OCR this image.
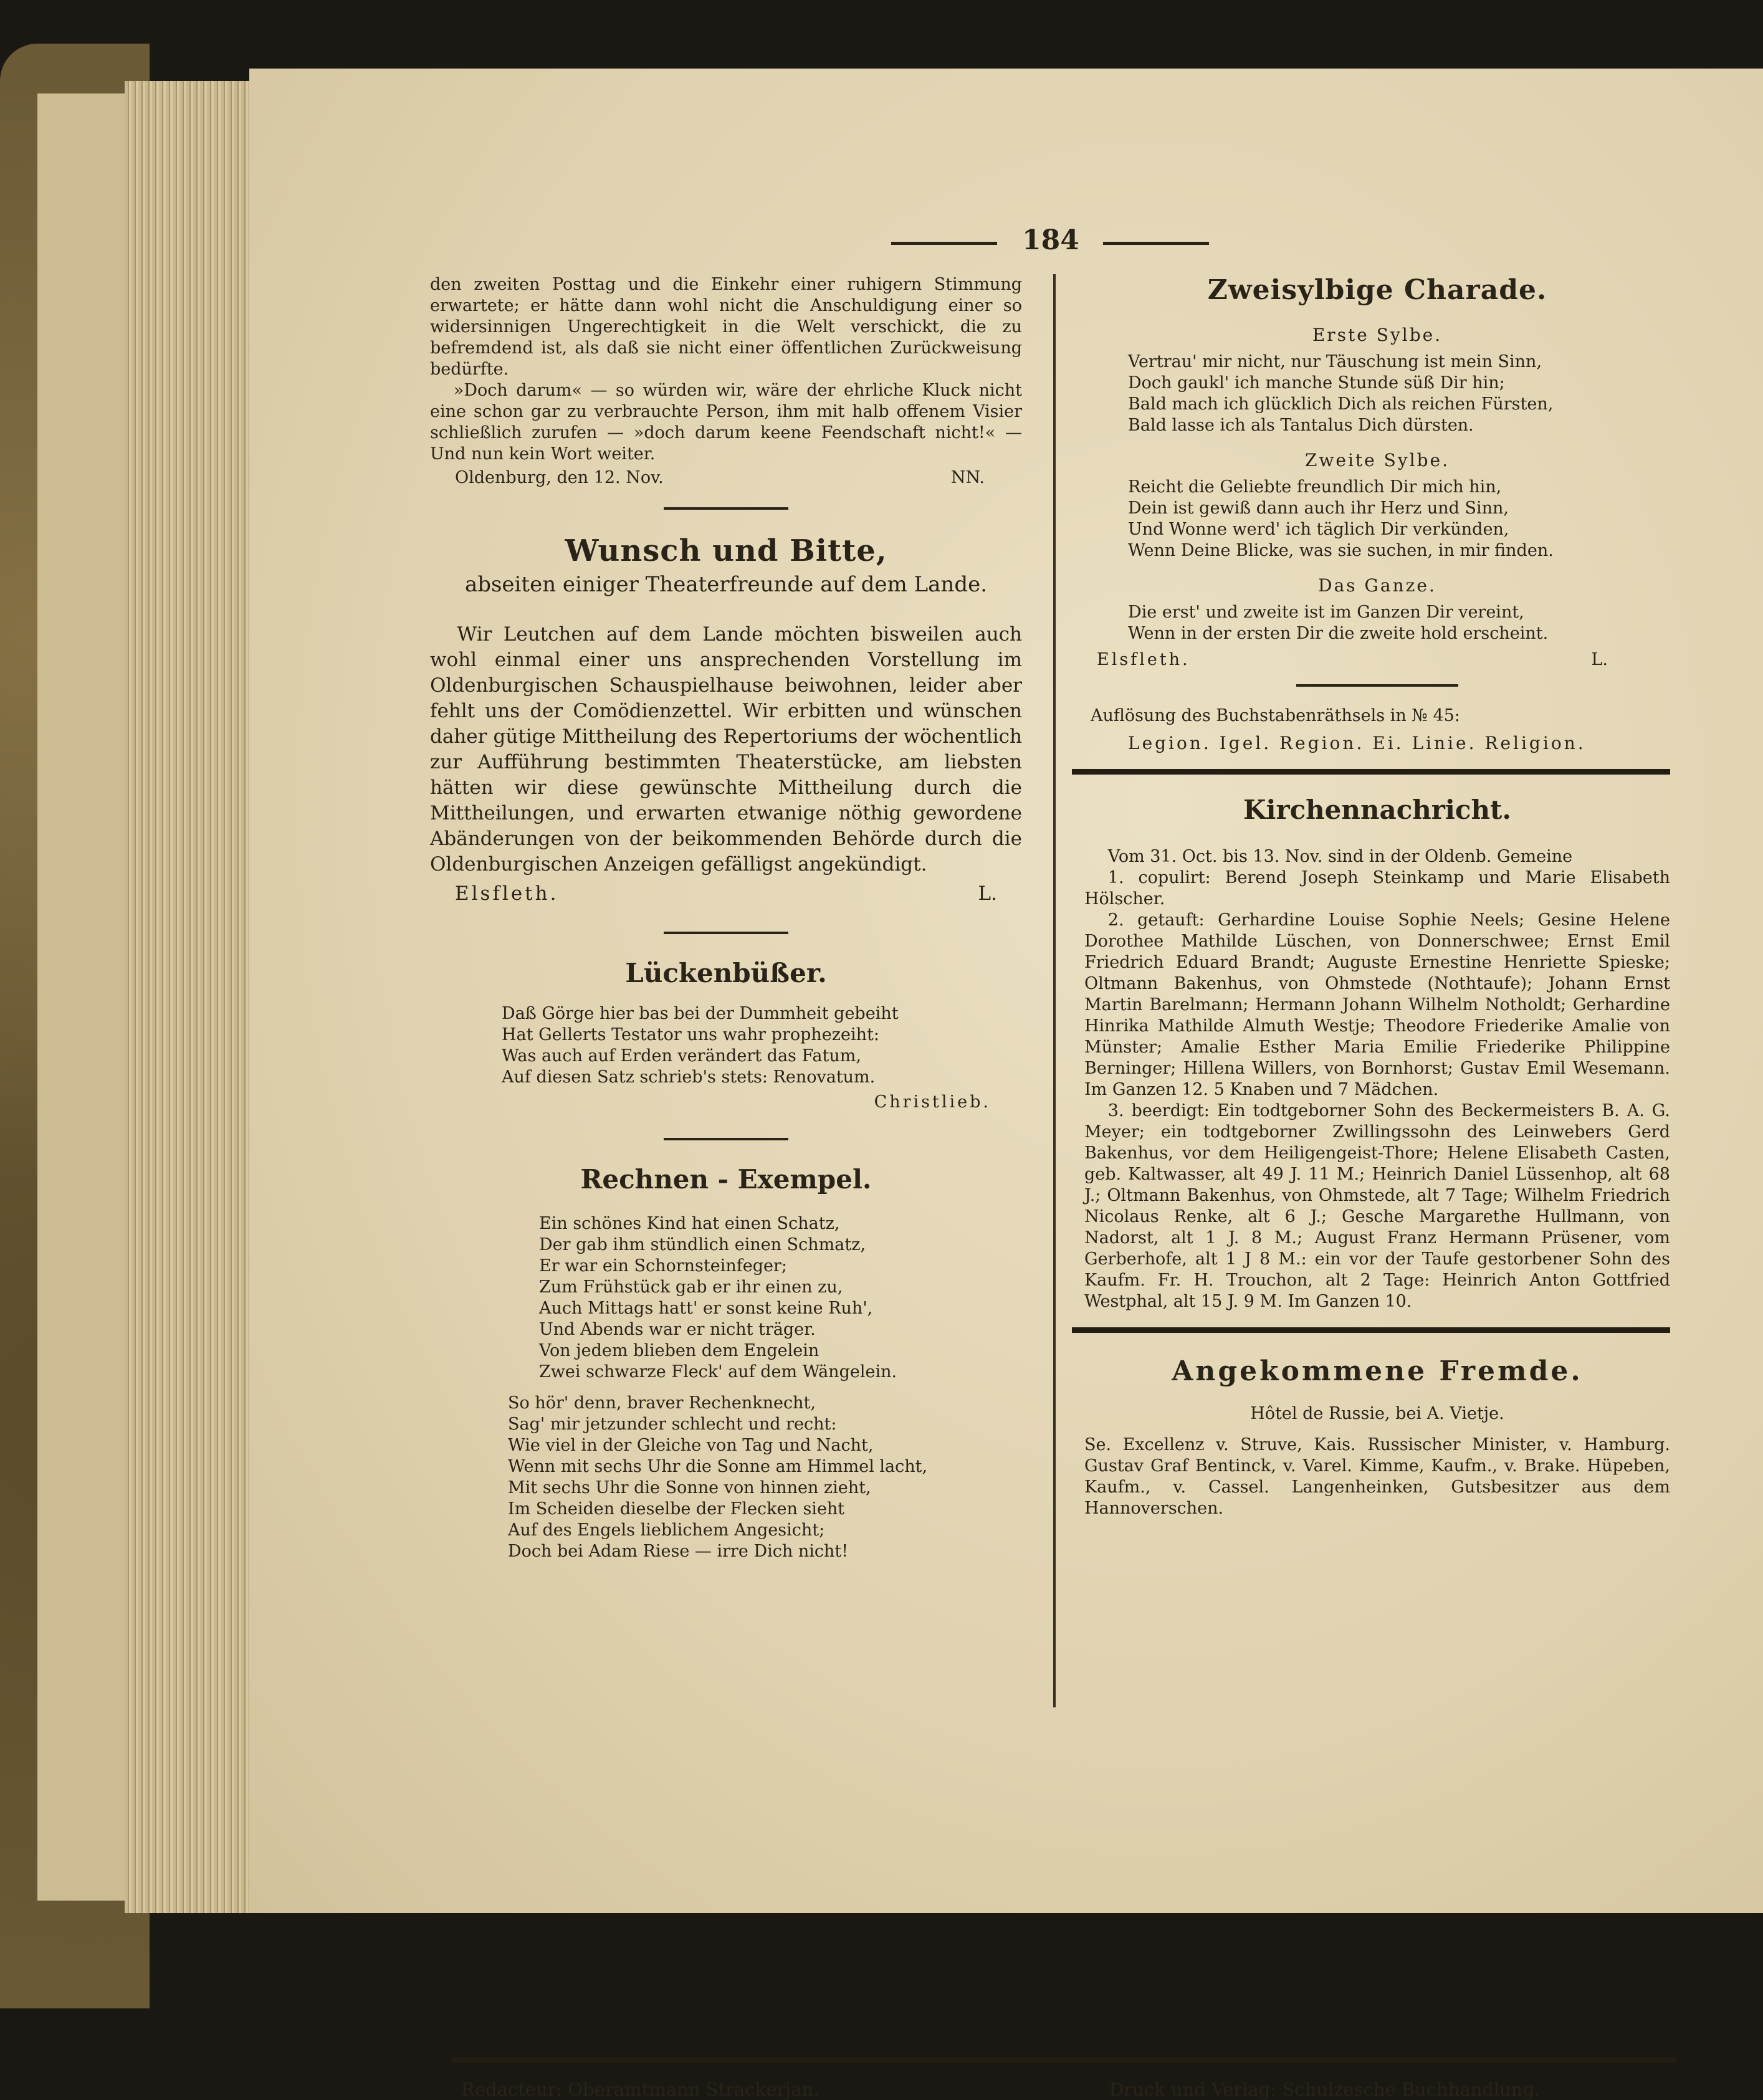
184

den zweiten Posttag und die Einkehr einer ruhigern Stimmung erwartete; er hätte dann wohl nicht die Anschuldigung einer so widersinnigen Ungerechtigkeit in die Welt verschickt, die zu befremdend ist, als daß sie nicht einer öffentlichen Zurückweisung bedürfte.

»Doch darum« — so würden wir, wäre der ehrliche Kluck nicht eine schon gar zu verbrauchte Person, ihm mit halb offenem Visier schließlich zurufen — »doch darum keene Feendschaft nicht!« — Und nun kein Wort weiter.

Oldenburg, den 12. Nov.	NN.
Wunsch und Bitte,
abseiten einiger Theaterfreunde auf dem Lande.

Wir Leutchen auf dem Lande möchten bisweilen auch wohl einmal einer uns ansprechenden Vorstellung im Oldenburgischen Schauspielhause beiwohnen, leider aber fehlt uns der Comödienzettel. Wir erbitten und wünschen daher gütige Mittheilung des Repertoriums der wöchentlich zur Aufführung bestimmten Theaterstücke, am liebsten hätten wir diese gewünschte Mittheilung durch die Mittheilungen, und erwarten etwanige nöthig gewordene Abänderungen von der beikommenden Behörde durch die Oldenburgischen Anzeigen gefälligst angekündigt.

Elsfleth.	L.
Lückenbüßer.

Daß Görge hier bas bei der Dummheit gebeiht

Hat Gellerts Testator uns wahr prophezeiht:

Was auch auf Erden verändert das Fatum,

Auf diesen Satz schrieb's stets: Renovatum.

Christlieb.
Rechnen - Exempel.

Ein schönes Kind hat einen Schatz,

Der gab ihm stündlich einen Schmatz,

Er war ein Schornsteinfeger;

Zum Frühstück gab er ihr einen zu,

Auch Mittags hatt' er sonst keine Ruh',

Und Abends war er nicht träger.

Von jedem blieben dem Engelein

Zwei schwarze Fleck' auf dem Wängelein.

So hör' denn, braver Rechenknecht,

Sag' mir jetzunder schlecht und recht:

Wie viel in der Gleiche von Tag und Nacht,

Wenn mit sechs Uhr die Sonne am Himmel lacht,

Mit sechs Uhr die Sonne von hinnen zieht,

Im Scheiden dieselbe der Flecken sieht

Auf des Engels lieblichem Angesicht;

Doch bei Adam Riese — irre Dich nicht!

Zweisylbige Charade.
Erste Sylbe.

Vertrau' mir nicht, nur Täuschung ist mein Sinn,

Doch gaukl' ich manche Stunde süß Dir hin;

Bald mach ich glücklich Dich als reichen Fürsten,

Bald lasse ich als Tantalus Dich dürsten.

Zweite Sylbe.

Reicht die Geliebte freundlich Dir mich hin,

Dein ist gewiß dann auch ihr Herz und Sinn,

Und Wonne werd' ich täglich Dir verkünden,

Wenn Deine Blicke, was sie suchen, in mir finden.

Das Ganze.

Die erst' und zweite ist im Ganzen Dir vereint,

Wenn in der ersten Dir die zweite hold erscheint.

Elsfleth.	L.
Auflösung des Buchstabenräthsels in № 45:
Legion. Igel. Region. Ei. Linie. Religion.
Kirchennachricht.

Vom 31. Oct. bis 13. Nov. sind in der Oldenb. Gemeine

1. copulirt: Berend Joseph Steinkamp und Marie Elisabeth Hölscher.

2. getauft: Gerhardine Louise Sophie Neels; Gesine Helene Dorothee Mathilde Lüschen, von Donnerschwee; Ernst Emil Friedrich Eduard Brandt; Auguste Ernestine Henriette Spieske; Oltmann Bakenhus, von Ohmstede (Nothtaufe); Johann Ernst Martin Barelmann; Hermann Johann Wilhelm Notholdt; Gerhardine Hinrika Mathilde Almuth Westje; Theodore Friederike Amalie von Münster; Amalie Esther Maria Emilie Friederike Philippine Berninger; Hillena Willers, von Bornhorst; Gustav Emil Wesemann. Im Ganzen 12. 5 Knaben und 7 Mädchen.

3. beerdigt: Ein todtgeborner Sohn des Beckermeisters B. A. G. Meyer; ein todtgeborner Zwillingssohn des Leinwebers Gerd Bakenhus, vor dem Heiligengeist-Thore; Helene Elisabeth Casten, geb. Kaltwasser, alt 49 J. 11 M.; Heinrich Daniel Lüssenhop, alt 68 J.; Oltmann Bakenhus, von Ohmstede, alt 7 Tage; Wilhelm Friedrich Nicolaus Renke, alt 6 J.; Gesche Margarethe Hullmann, von Nadorst, alt 1 J. 8 M.; August Franz Hermann Prüsener, vom Gerberhofe, alt 1 J 8 M.: ein vor der Taufe gestorbener Sohn des Kaufm. Fr. H. Trouchon, alt 2 Tage: Heinrich Anton Gottfried Westphal, alt 15 J. 9 M. Im Ganzen 10.

Angekommene Fremde.
Hôtel de Russie, bei A. Vietje.

Se. Excellenz v. Struve, Kais. Russischer Minister, v. Hamburg. Gustav Graf Bentinck, v. Varel. Kimme, Kaufm., v. Brake. Hüpeben, Kaufm., v. Cassel. Langenheinken, Gutsbesitzer aus dem Hannoverschen.

Redacteur: Oberamtmann Strackerjan.	Druck und Verlag: Schulzesche Buchhandlung.
